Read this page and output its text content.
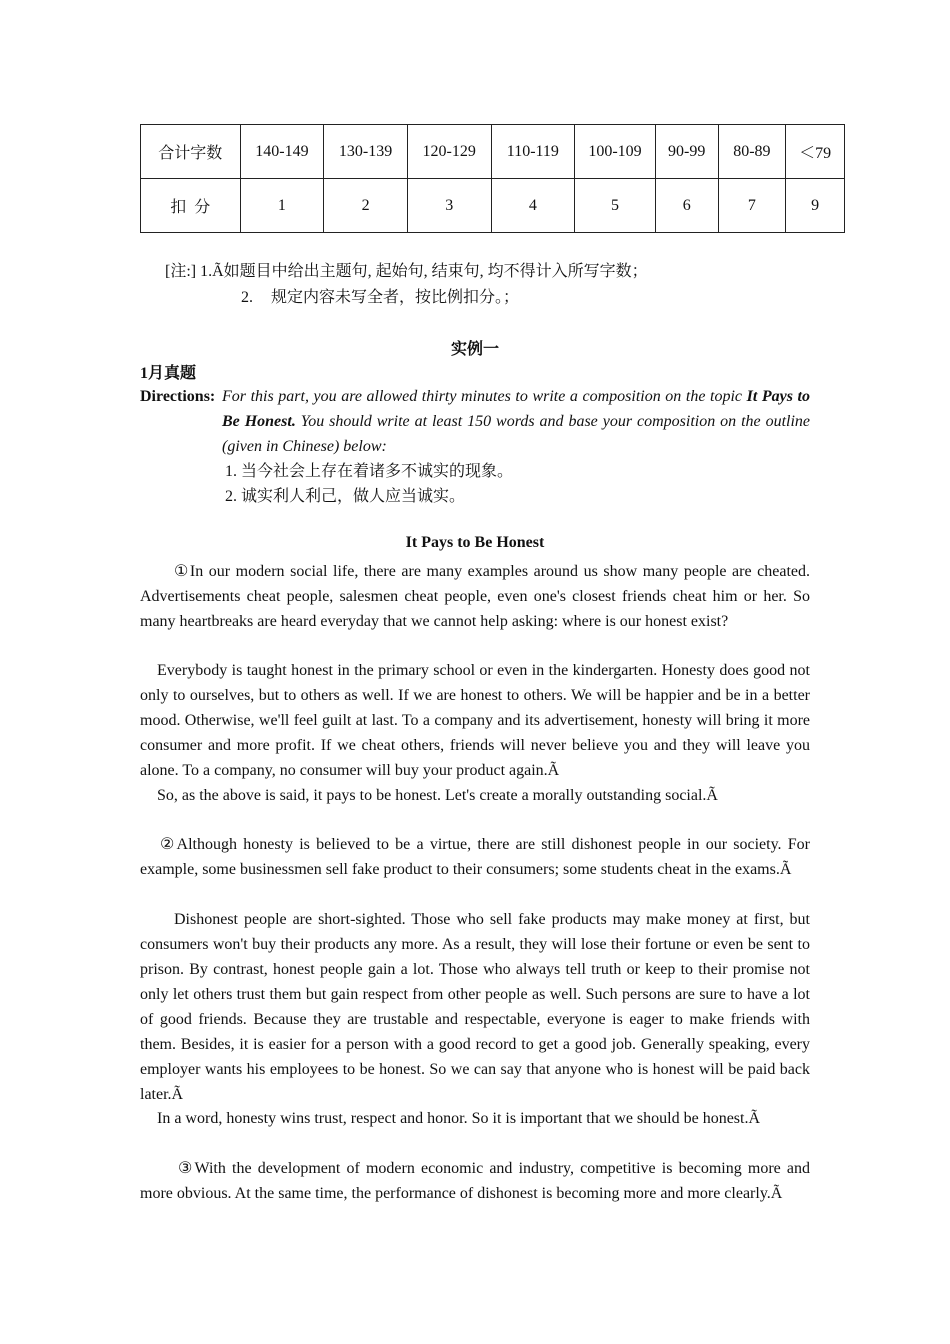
合计字数	140-149	130-139	120-129	110-119	100-109	90-99	80-89	＜79
扣  分	1	2	3	4	5	6	7	9
[注:] 1.Ã如题目中给出主题句, 起始句, 结束句, 均不得计入所写字数；
2. 规定内容未写全者，按比例扣分。；
实例一
1月真题
Directions: For this part, you are allowed thirty minutes to write a composition on the topic It Pays to Be Honest. You should write at least 150 words and base your composition on the outline (given in Chinese) below:
1. 当今社会上存在着诸多不诚实的现象。
2. 诚实利人利己，做人应当诚实。
It Pays to Be Honest

①In our modern social life, there are many examples around us show many people are cheated. Advertisements cheat people, salesmen cheat people, even one's closest friends cheat him or her. So many heartbreaks are heard everyday that we cannot help asking: where is our honest exist?

Everybody is taught honest in the primary school or even in the kindergarten. Honesty does good not only to ourselves, but to others as well. If we are honest to others. We will be happier and be in a better mood. Otherwise, we'll feel guilt at last. To a company and its advertisement, honesty will bring it more consumer and more profit. If we cheat others, friends will never believe you and they will leave you alone. To a company, no consumer will buy your product again.Ã

So, as the above is said, it pays to be honest. Let's create a morally outstanding social.Ã

②Although honesty is believed to be a virtue, there are still dishonest people in our society. For example, some businessmen sell fake product to their consumers; some students cheat in the exams.Ã

Dishonest people are short-sighted. Those who sell fake products may make money at first, but consumers won't buy their products any more. As a result, they will lose their fortune or even be sent to prison. By contrast, honest people gain a lot. Those who always tell truth or keep to their promise not only let others trust them but gain respect from other people as well. Such persons are sure to have a lot of good friends. Because they are trustable and respectable, everyone is eager to make friends with them. Besides, it is easier for a person with a good record to get a good job. Generally speaking, every employer wants his employees to be honest. So we can say that anyone who is honest will be paid back later.Ã

In a word, honesty wins trust, respect and honor. So it is important that we should be honest.Ã

③With the development of modern economic and industry, competitive is becoming more and more obvious. At the same time, the performance of dishonest is becoming more and more clearly.Ã
